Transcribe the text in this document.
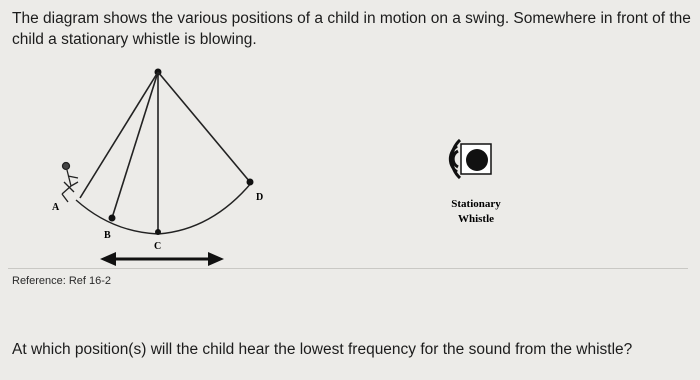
The diagram shows the various positions of a child in motion on a swing. Somewhere in front of the child a stationary whistle is blowing.
A
B
C
D
Stationary
Whistle
Reference: Ref 16-2
At which position(s) will the child hear the lowest frequency for the sound from the whistle?
